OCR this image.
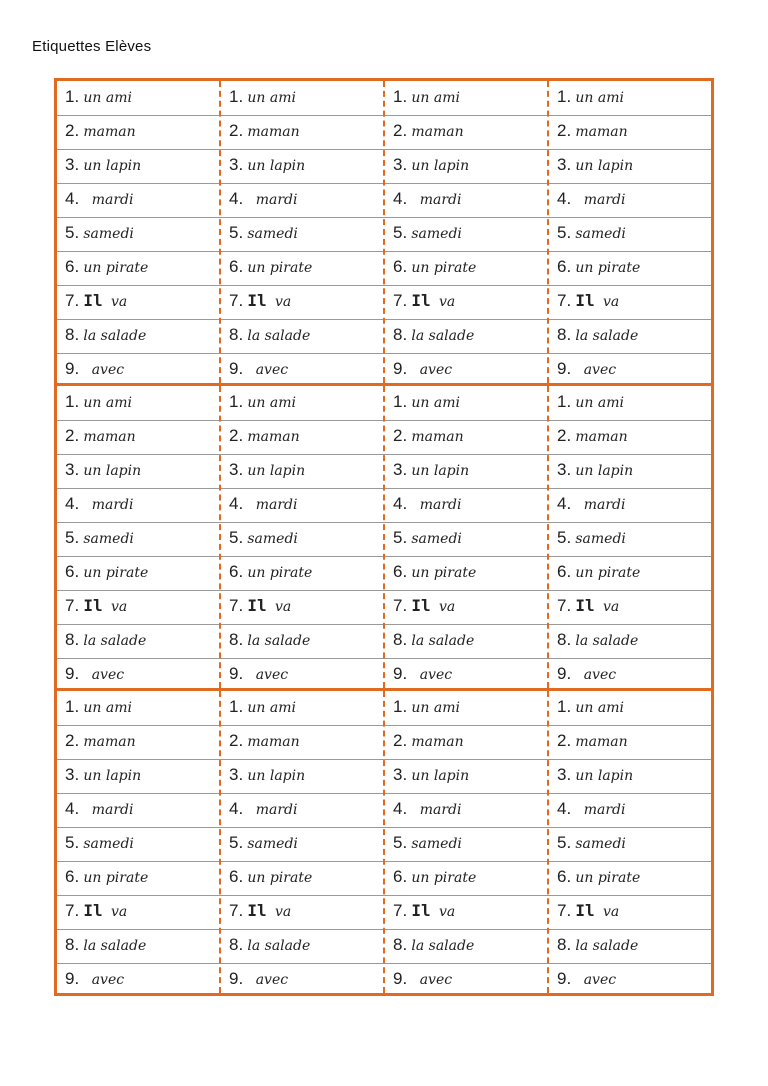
Etiquettes Elèves
1. un ami
2. maman
3. un lapin
4. mardi
5. samedi
6. un pirate
7. Il va
8. la salade
9. avec
1. un ami
2. maman
3. un lapin
4. mardi
5. samedi
6. un pirate
7. Il va
8. la salade
9. avec
1. un ami
2. maman
3. un lapin
4. mardi
5. samedi
6. un pirate
7. Il va
8. la salade
9. avec
1. un ami
2. maman
3. un lapin
4. mardi
5. samedi
6. un pirate
7. Il va
8. la salade
9. avec
1. un ami
2. maman
3. un lapin
4. mardi
5. samedi
6. un pirate
7. Il va
8. la salade
9. avec
1. un ami
2. maman
3. un lapin
4. mardi
5. samedi
6. un pirate
7. Il va
8. la salade
9. avec
1. un ami
2. maman
3. un lapin
4. mardi
5. samedi
6. un pirate
7. Il va
8. la salade
9. avec
1. un ami
2. maman
3. un lapin
4. mardi
5. samedi
6. un pirate
7. Il va
8. la salade
9. avec
1. un ami
2. maman
3. un lapin
4. mardi
5. samedi
6. un pirate
7. Il va
8. la salade
9. avec
1. un ami
2. maman
3. un lapin
4. mardi
5. samedi
6. un pirate
7. Il va
8. la salade
9. avec
1. un ami
2. maman
3. un lapin
4. mardi
5. samedi
6. un pirate
7. Il va
8. la salade
9. avec
1. un ami
2. maman
3. un lapin
4. mardi
5. samedi
6. un pirate
7. Il va
8. la salade
9. avec
